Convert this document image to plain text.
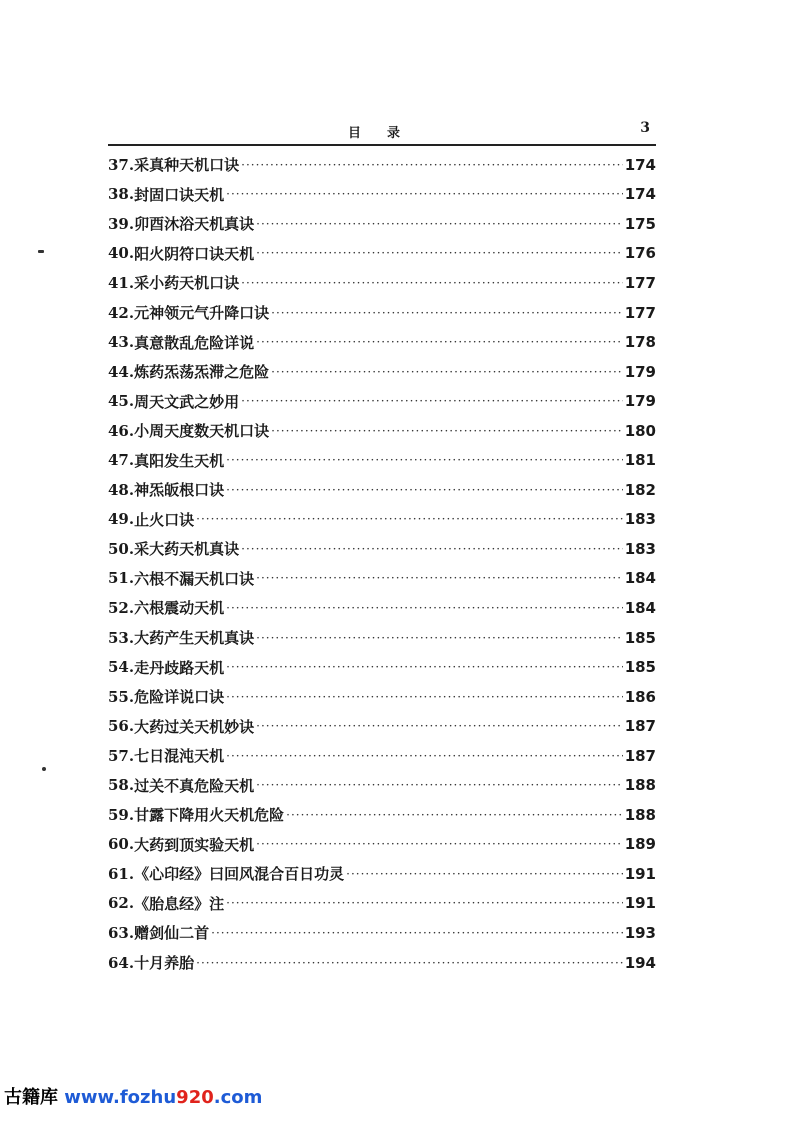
目录	3
37. 采真种天机口诀 ·····	174
38. 封固口诀天机 ·····	174
39. 卯酉沐浴天机真诀 ·····	175
40. 阳火阴符口诀天机 ·····	176
41. 采小药天机口诀 ·····	177
42. 元神领元气升降口诀 ·····	177
43. 真意散乱危险详说 ·····	178
44. 炼药炁荡炁滞之危险 ·····	179
45. 周天文武之妙用 ·····	179
46. 小周天度数天机口诀 ·····	180
47. 真阳发生天机 ·····	181
48. 神炁皈根口诀 ·····	182
49. 止火口诀 ·····	183
50. 采大药天机真诀 ·····	183
51. 六根不漏天机口诀 ·····	184
52. 六根震动天机 ·····	184
53. 大药产生天机真诀 ·····	185
54. 走丹歧路天机 ·····	185
55. 危险详说口诀 ·····	186
56. 大药过关天机妙诀 ·····	187
57. 七日混沌天机 ·····	187
58. 过关不真危险天机 ·····	188
59. 甘露下降用火天机危险 ·····	188
60. 大药到顶实验天机 ·····	189
61. 《心印经》曰回风混合百日功灵 ·····	191
62. 《胎息经》注 ·····	191
63. 赠剑仙二首 ·····	193
64. 十月养胎 ·····	194
古籍库 www.fozhu920.com
